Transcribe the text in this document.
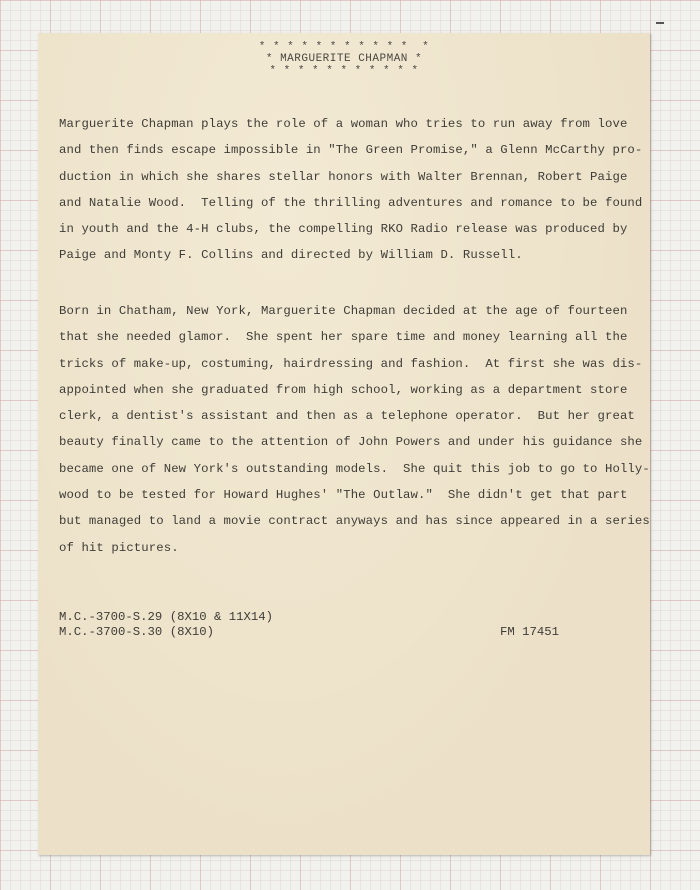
* * * * * * * * * * *  *
* MARGUERITE CHAPMAN *
* * * * * * * * * * *
Marguerite Chapman plays the role of a woman who tries to run away from love
and then finds escape impossible in "The Green Promise," a Glenn McCarthy pro-
duction in which she shares stellar honors with Walter Brennan, Robert Paige
and Natalie Wood.  Telling of the thrilling adventures and romance to be found
in youth and the 4-H clubs, the compelling RKO Radio release was produced by
Paige and Monty F. Collins and directed by William D. Russell.
Born in Chatham, New York, Marguerite Chapman decided at the age of fourteen
that she needed glamor.  She spent her spare time and money learning all the
tricks of make-up, costuming, hairdressing and fashion.  At first she was dis-
appointed when she graduated from high school, working as a department store
clerk, a dentist's assistant and then as a telephone operator.  But her great
beauty finally came to the attention of John Powers and under his guidance she
became one of New York's outstanding models.  She quit this job to go to Holly-
wood to be tested for Howard Hughes' "The Outlaw."  She didn't get that part
but managed to land a movie contract anyways and has since appeared in a series
of hit pictures.
M.C.-3700-S.29 (8X10 & 11X14)
M.C.-3700-S.30 (8X10)	FM 17451
